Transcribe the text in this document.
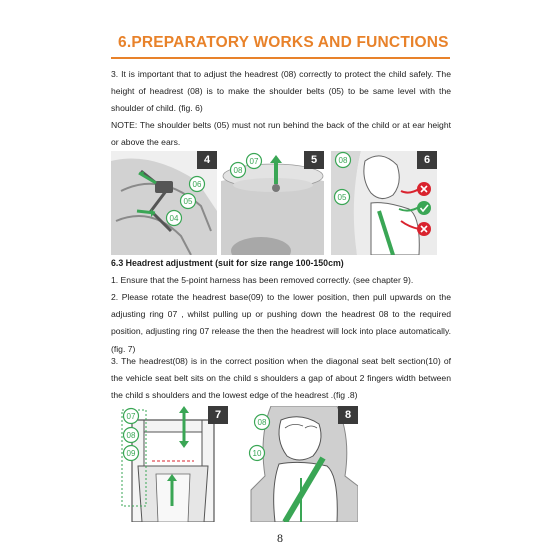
6.PREPARATORY WORKS AND FUNCTIONS

3. It is important that to adjust the headrest (08) correctly to protect the child safely. The height of headrest (08) is to make the shoulder belts (05) to be same level with the shoulder of child. (fig. 6)

NOTE: The shoulder belts (05) must not run behind the back of the child or at ear height or above the ears.

06
05
04
4	07
08
5	08
05
6
6.3 Headrest adjustment (suit for size range 100-150cm)

1. Ensure that the 5-point harness has been removed correctly. (see chapter 9).

2. Please rotate the headrest base(09) to the lower position, then pull upwards on the adjusting ring 07 , whilst pulling up or pushing down the headrest 08 to the required position, adjusting ring 07 release the then the headrest will lock into place automatically. (fig. 7)

3. The headrest(08) is in the correct position when the diagonal seat belt section(10) of the vehicle seat belt sits on the child s shoulders a gap of about 2 fingers width between the child s shoulders and the lowest edge of the headrest .(fig .8)

07
08
09
7
08
10
8
8
